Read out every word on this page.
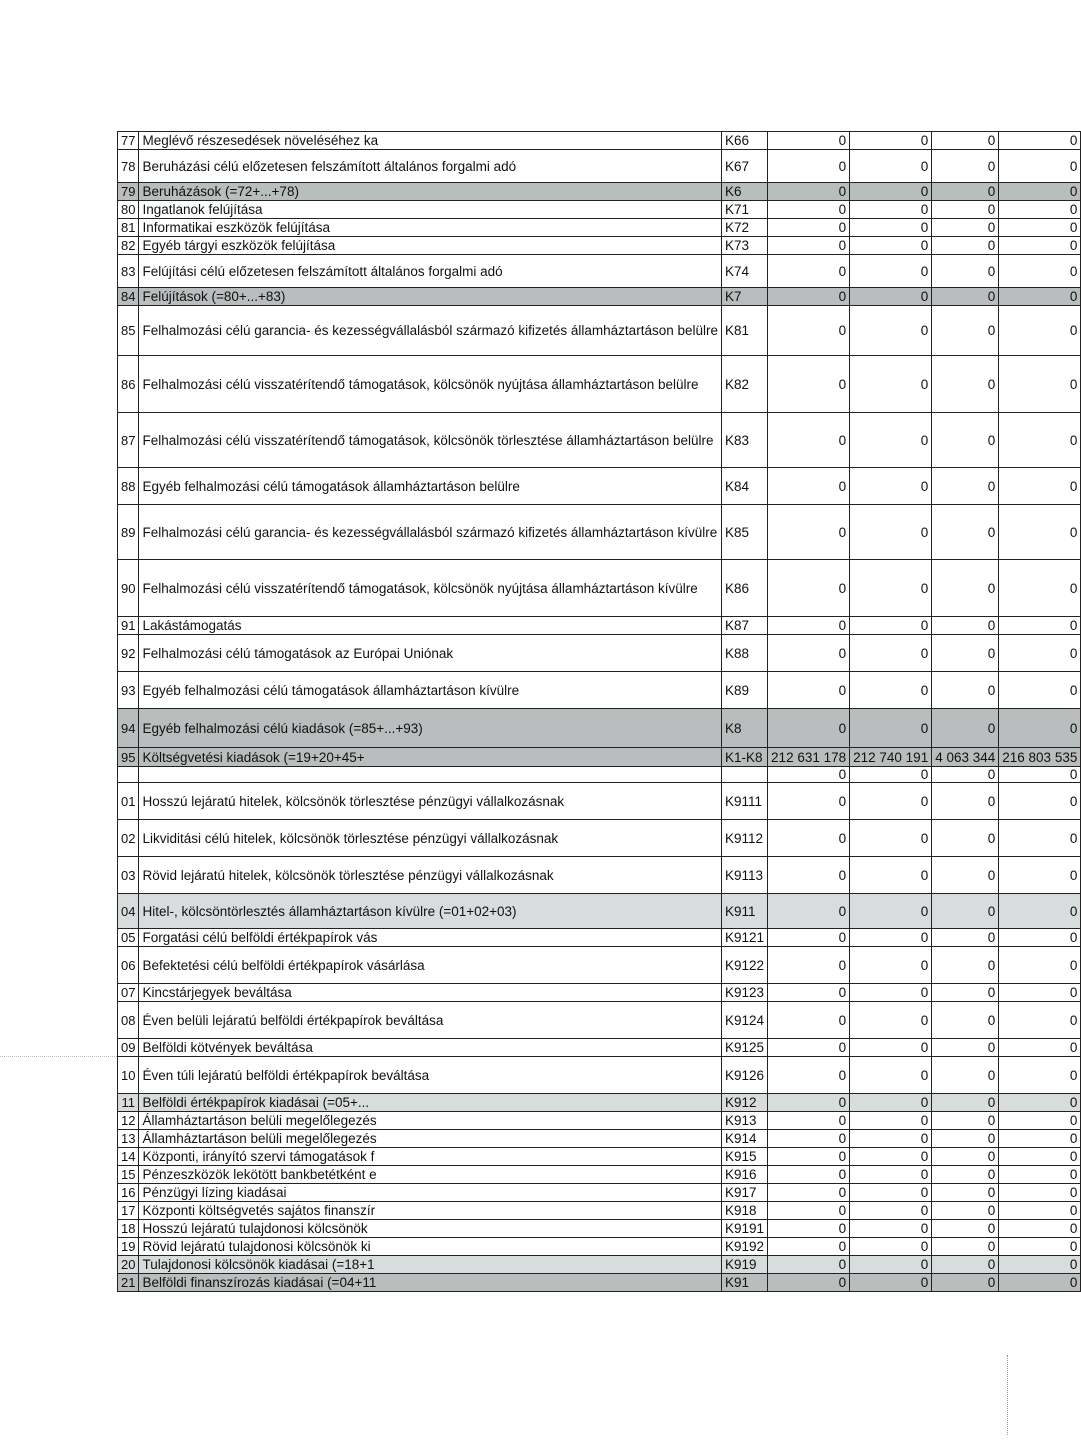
77	Meglévő részesedések növeléséhez ka	K66	0	0	0	0
78	Beruházási célú előzetesen felszámított általános forgalmi adó	K67	0	0	0	0
79	Beruházások (=72+...+78)	K6	0	0	0	0
80	Ingatlanok felújítása	K71	0	0	0	0
81	Informatikai eszközök felújítása	K72	0	0	0	0
82	Egyéb tárgyi eszközök felújítása	K73	0	0	0	0
83	Felújítási célú előzetesen felszámított általános forgalmi adó	K74	0	0	0	0
84	Felújítások (=80+...+83)	K7	0	0	0	0
85	Felhalmozási célú garancia- és kezességvállalásból származó kifizetés államháztartáson belülre	K81	0	0	0	0
86	Felhalmozási célú visszatérítendő támogatások, kölcsönök nyújtása államháztartáson belülre	K82	0	0	0	0
87	Felhalmozási célú visszatérítendő támogatások, kölcsönök törlesztése államháztartáson belülre	K83	0	0	0	0
88	Egyéb felhalmozási célú támogatások államháztartáson belülre	K84	0	0	0	0
89	Felhalmozási célú garancia- és kezességvállalásból származó kifizetés államháztartáson kívülre	K85	0	0	0	0
90	Felhalmozási célú visszatérítendő támogatások, kölcsönök nyújtása államháztartáson kívülre	K86	0	0	0	0
91	Lakástámogatás	K87	0	0	0	0
92	Felhalmozási célú támogatások az Európai Uniónak	K88	0	0	0	0
93	Egyéb felhalmozási célú támogatások államháztartáson kívülre	K89	0	0	0	0
94	Egyéb felhalmozási célú kiadások (=85+...+93)	K8	0	0	0	0
95	Költségvetési kiadások (=19+20+45+	K1-K8	212 631 178	212 740 191	4 063 344	216 803 535
			0	0	0	0
01	Hosszú lejáratú hitelek, kölcsönök törlesztése pénzügyi vállalkozásnak	K9111	0	0	0	0
02	Likviditási célú hitelek, kölcsönök törlesztése pénzügyi vállalkozásnak	K9112	0	0	0	0
03	Rövid lejáratú hitelek, kölcsönök törlesztése pénzügyi vállalkozásnak	K9113	0	0	0	0
04	Hitel-, kölcsöntörlesztés államháztartáson kívülre (=01+02+03)	K911	0	0	0	0
05	Forgatási célú belföldi értékpapírok vás	K9121	0	0	0	0
06	Befektetési célú belföldi értékpapírok vásárlása	K9122	0	0	0	0
07	Kincstárjegyek beváltása	K9123	0	0	0	0
08	Éven belüli lejáratú belföldi értékpapírok beváltása	K9124	0	0	0	0
09	Belföldi kötvények beváltása	K9125	0	0	0	0
10	Éven túli lejáratú belföldi értékpapírok beváltása	K9126	0	0	0	0
11	Belföldi értékpapírok kiadásai (=05+...	K912	0	0	0	0
12	Államháztartáson belüli megelőlegezés	K913	0	0	0	0
13	Államháztartáson belüli megelőlegezés	K914	0	0	0	0
14	Központi, irányító szervi támogatások f	K915	0	0	0	0
15	Pénzeszközök lekötött bankbetétként e	K916	0	0	0	0
16	Pénzügyi lízing kiadásai	K917	0	0	0	0
17	Központi költségvetés sajátos finanszír	K918	0	0	0	0
18	Hosszú lejáratú tulajdonosi kölcsönök	K9191	0	0	0	0
19	Rövid lejáratú tulajdonosi kölcsönök ki	K9192	0	0	0	0
20	Tulajdonosi kölcsönök kiadásai (=18+1	K919	0	0	0	0
21	Belföldi finanszírozás kiadásai (=04+11	K91	0	0	0	0
